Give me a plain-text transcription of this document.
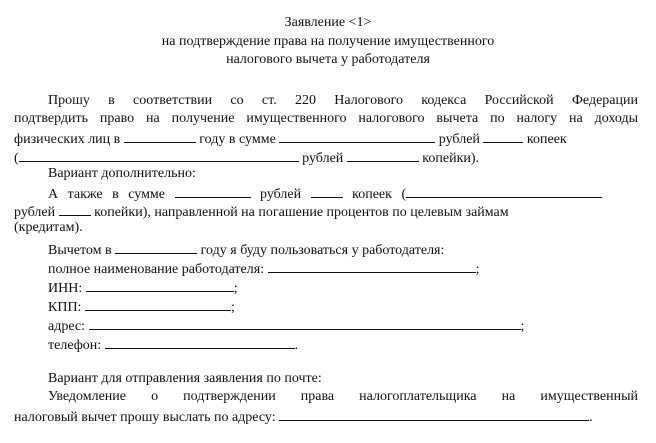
Заявление <1>
на подтверждение права на получение имущественного
налогового вычета у работодателя
Прошу в соответствии со ст. 220 Налогового кодекса Российской Федерации
подтвердить право на получение имущественного налогового вычета по налогу на доходы
физических лиц в	году в сумме	рублей	копеек
(	рублей	копейки).
Вариант дополнительно:
А также в сумме	рублей	копеек (
рублей	копейки), направленной на погашение процентов по целевым займам
(кредитам).
Вычетом в	году я буду пользоваться у работодателя:
полное наименование работодателя:	;
ИНН:	;
КПП:	;
адрес:	;
телефон:	.
Вариант для отправления заявления по почте:
Уведомление о подтверждении права налогоплательщика на имущественный
налоговый вычет прошу выслать по адресу:	.
